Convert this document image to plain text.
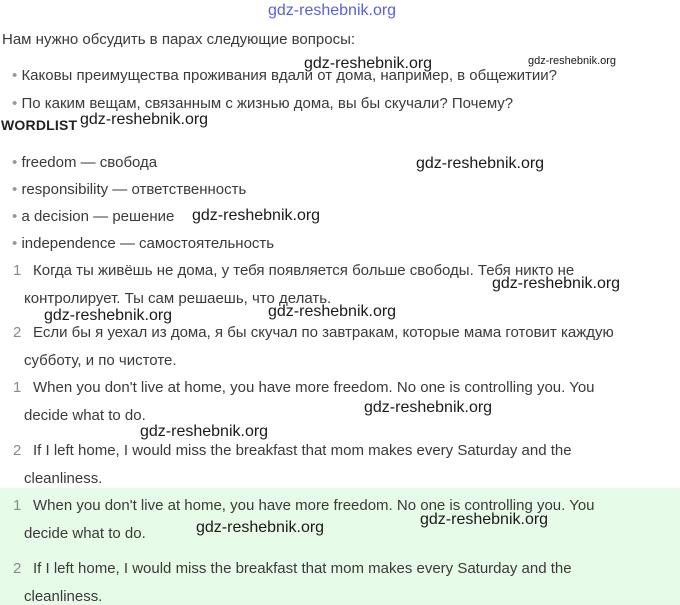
gdz-reshebnik.org
Нам нужно обсудить в парах следующие вопросы:
• Каковы преимущества проживания вдали от дома, например, в общежитии?
• По каким вещам, связанным с жизнью дома, вы бы скучали? Почему?
WORDLIST
• freedom — свобода
• responsibility — ответственность
• a decision — решение
• independence — самостоятельность
1 Когда ты живёшь не дома, у тебя появляется больше свободы. Тебя никто не
контролирует. Ты сам решаешь, что делать.
2 Если бы я уехал из дома, я бы скучал по завтракам, которые мама готовит каждую
субботу, и по чистоте.
1 When you don't live at home, you have more freedom. No one is controlling you. You
decide what to do.
2 If I left home, I would miss the breakfast that mom makes every Saturday and the
cleanliness.
1 When you don't live at home, you have more freedom. No one is controlling you. You
decide what to do.
2 If I left home, I would miss the breakfast that mom makes every Saturday and the
cleanliness.
gdz-reshebnik.org	gdz-reshebnik.org
gdz-reshebnik.org
gdz-reshebnik.org
gdz-reshebnik.org
gdz-reshebnik.org
gdz-reshebnik.org
gdz-reshebnik.org
gdz-reshebnik.org
gdz-reshebnik.org
gdz-reshebnik.org
gdz-reshebnik.org
